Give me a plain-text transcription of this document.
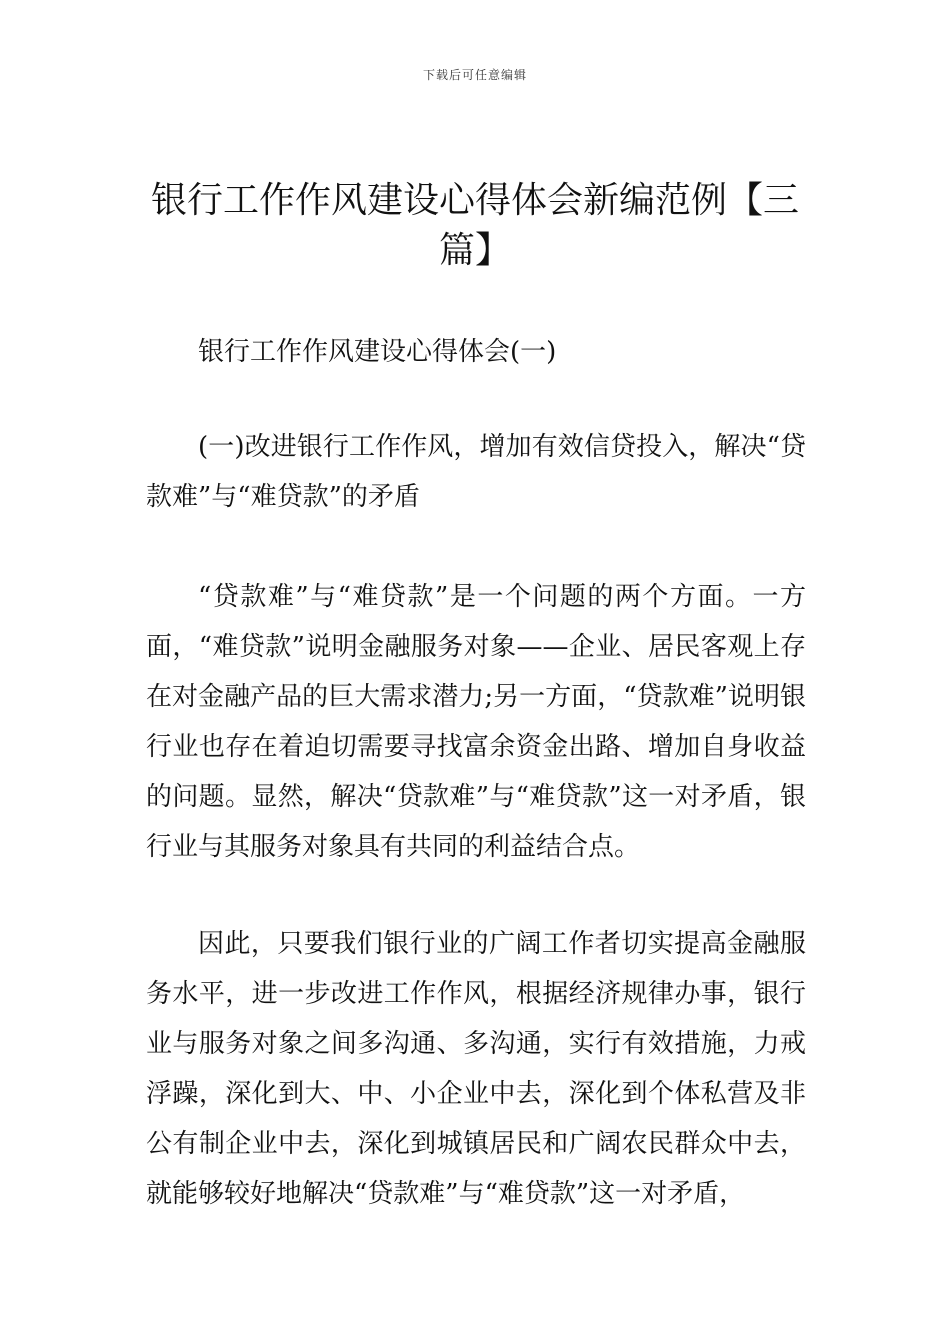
下载后可任意编辑
银行工作作风建设心得体会新编范例【三篇】

银行工作作风建设心得体会(一)

(一)改进银行工作作风，增加有效信贷投入，解决“贷款难”与“难贷款”的矛盾

“贷款难”与“难贷款”是一个问题的两个方面。一方面，“难贷款”说明金融服务对象——企业、居民客观上存在对金融产品的巨大需求潜力;另一方面，“贷款难”说明银行业也存在着迫切需要寻找富余资金出路、增加自身收益的问题。显然，解决“贷款难”与“难贷款”这一对矛盾，银行业与其服务对象具有共同的利益结合点。

因此，只要我们银行业的广阔工作者切实提高金融服务水平，进一步改进工作作风，根据经济规律办事，银行业与服务对象之间多沟通、多沟通，实行有效措施，力戒浮躁，深化到大、中、小企业中去，深化到个体私营及非公有制企业中去，深化到城镇居民和广阔农民群众中去，就能够较好地解决“贷款难”与“难贷款”这一对矛盾，
